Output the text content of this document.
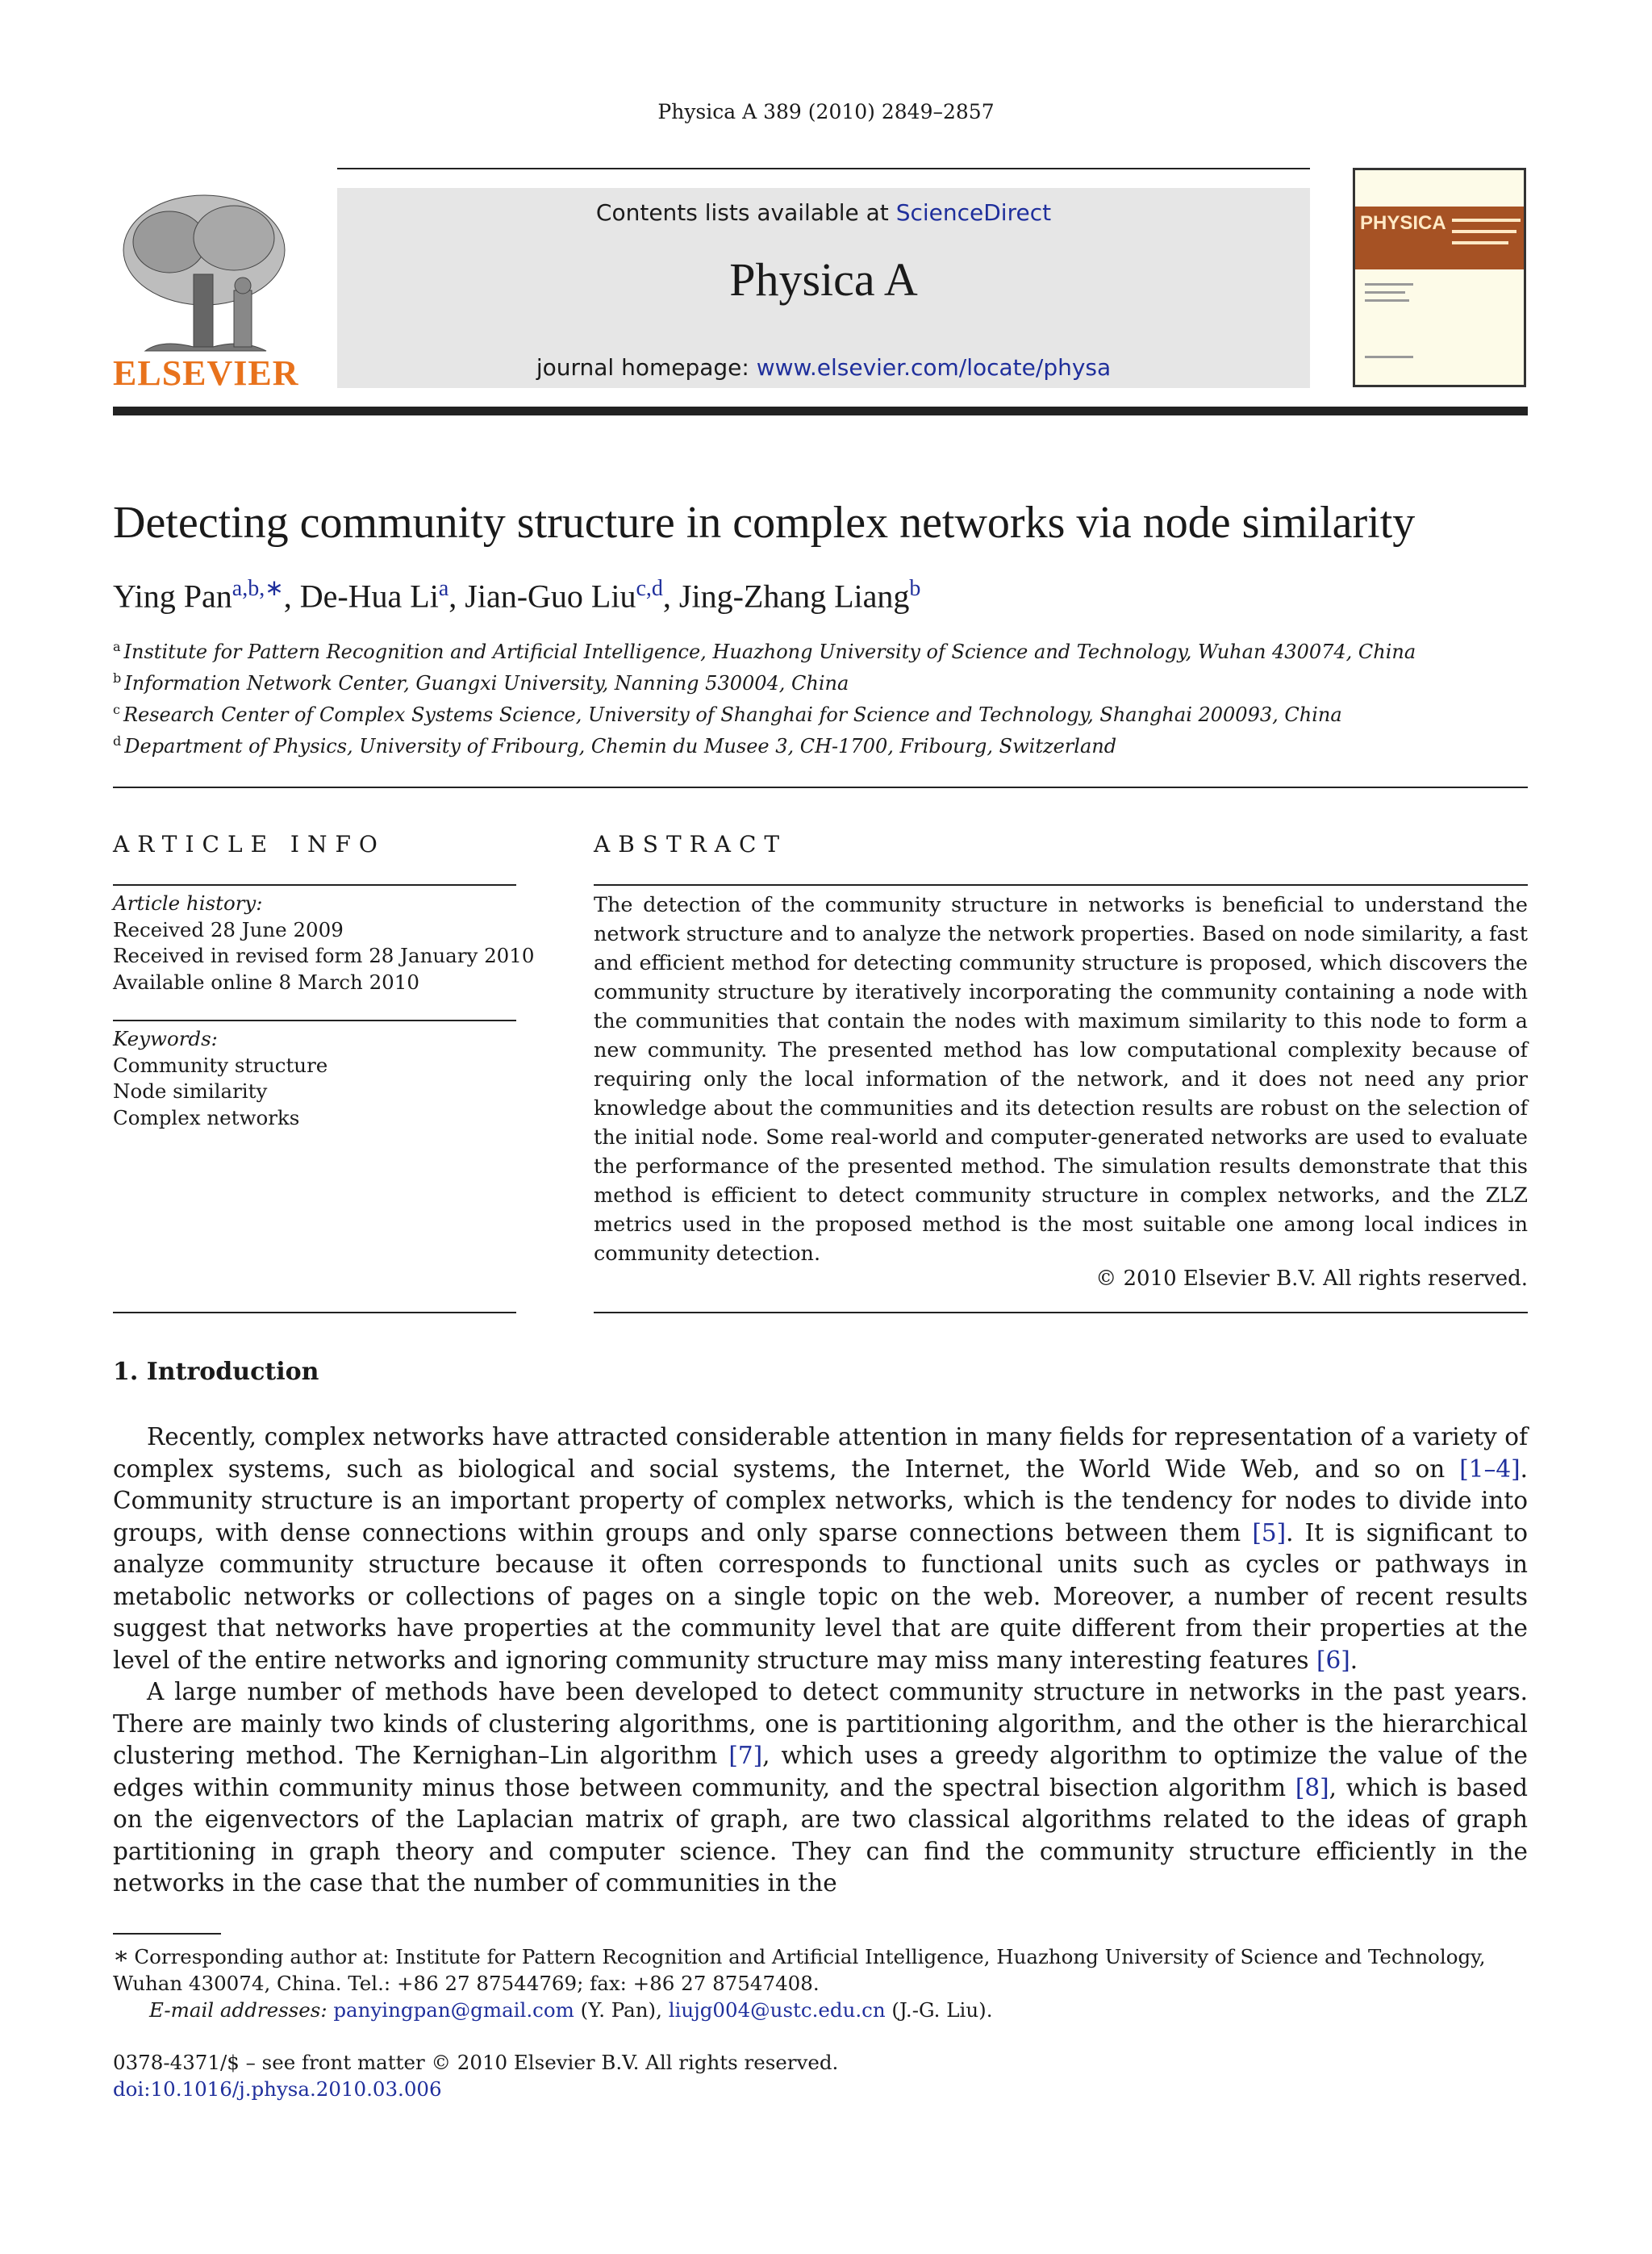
Physica A 389 (2010) 2849–2857
ELSEVIER
Contents lists available at ScienceDirect
Physica A
journal homepage: www.elsevier.com/locate/physa
PHYSICA
Detecting community structure in complex networks via node similarity
Ying Pan$^{a,b,∗}$, De-Hua Li$^a$, Jian-Guo Liu$^{c,d}$, Jing-Zhang Liang$^b$
$^a$ Institute for Pattern Recognition and Artificial Intelligence, Huazhong University of Science and Technology, Wuhan 430074, China
$^b$ Information Network Center, Guangxi University, Nanning 530004, China
$^c$ Research Center of Complex Systems Science, University of Shanghai for Science and Technology, Shanghai 200093, China
$^d$ Department of Physics, University of Fribourg, Chemin du Musee 3, CH-1700, Fribourg, Switzerland
ARTICLE INFO
Article history:
Received 28 June 2009
Received in revised form 28 January 2010
Available online 8 March 2010
Keywords:
Community structure
Node similarity
Complex networks
ABSTRACT
The detection of the community structure in networks is beneficial to understand the network structure and to analyze the network properties. Based on node similarity, a fast and efficient method for detecting community structure is proposed, which discovers the community structure by iteratively incorporating the community containing a node with the communities that contain the nodes with maximum similarity to this node to form a new community. The presented method has low computational complexity because of requiring only the local information of the network, and it does not need any prior knowledge about the communities and its detection results are robust on the selection of the initial node. Some real-world and computer-generated networks are used to evaluate the performance of the presented method. The simulation results demonstrate that this method is efficient to detect community structure in complex networks, and the ZLZ metrics used in the proposed method is the most suitable one among local indices in community detection.
© 2010 Elsevier B.V. All rights reserved.
1. Introduction

Recently, complex networks have attracted considerable attention in many fields for representation of a variety of complex systems, such as biological and social systems, the Internet, the World Wide Web, and so on [1–4]. Community structure is an important property of complex networks, which is the tendency for nodes to divide into groups, with dense connections within groups and only sparse connections between them [5]. It is significant to analyze community structure because it often corresponds to functional units such as cycles or pathways in metabolic networks or collections of pages on a single topic on the web. Moreover, a number of recent results suggest that networks have properties at the community level that are quite different from their properties at the level of the entire networks and ignoring community structure may miss many interesting features [6].

A large number of methods have been developed to detect community structure in networks in the past years. There are mainly two kinds of clustering algorithms, one is partitioning algorithm, and the other is the hierarchical clustering method. The Kernighan–Lin algorithm [7], which uses a greedy algorithm to optimize the value of the edges within community minus those between community, and the spectral bisection algorithm [8], which is based on the eigenvectors of the Laplacian matrix of graph, are two classical algorithms related to the ideas of graph partitioning in graph theory and computer science. They can find the community structure efficiently in the networks in the case that the number of communities in the

∗ Corresponding author at: Institute for Pattern Recognition and Artificial Intelligence, Huazhong University of Science and Technology, Wuhan 430074, China. Tel.: +86 27 87544769; fax: +86 27 87547408.
E-mail addresses: panyingpan@gmail.com (Y. Pan), liujg004@ustc.edu.cn (J.-G. Liu).
0378-4371/$ – see front matter © 2010 Elsevier B.V. All rights reserved.
doi:10.1016/j.physa.2010.03.006
